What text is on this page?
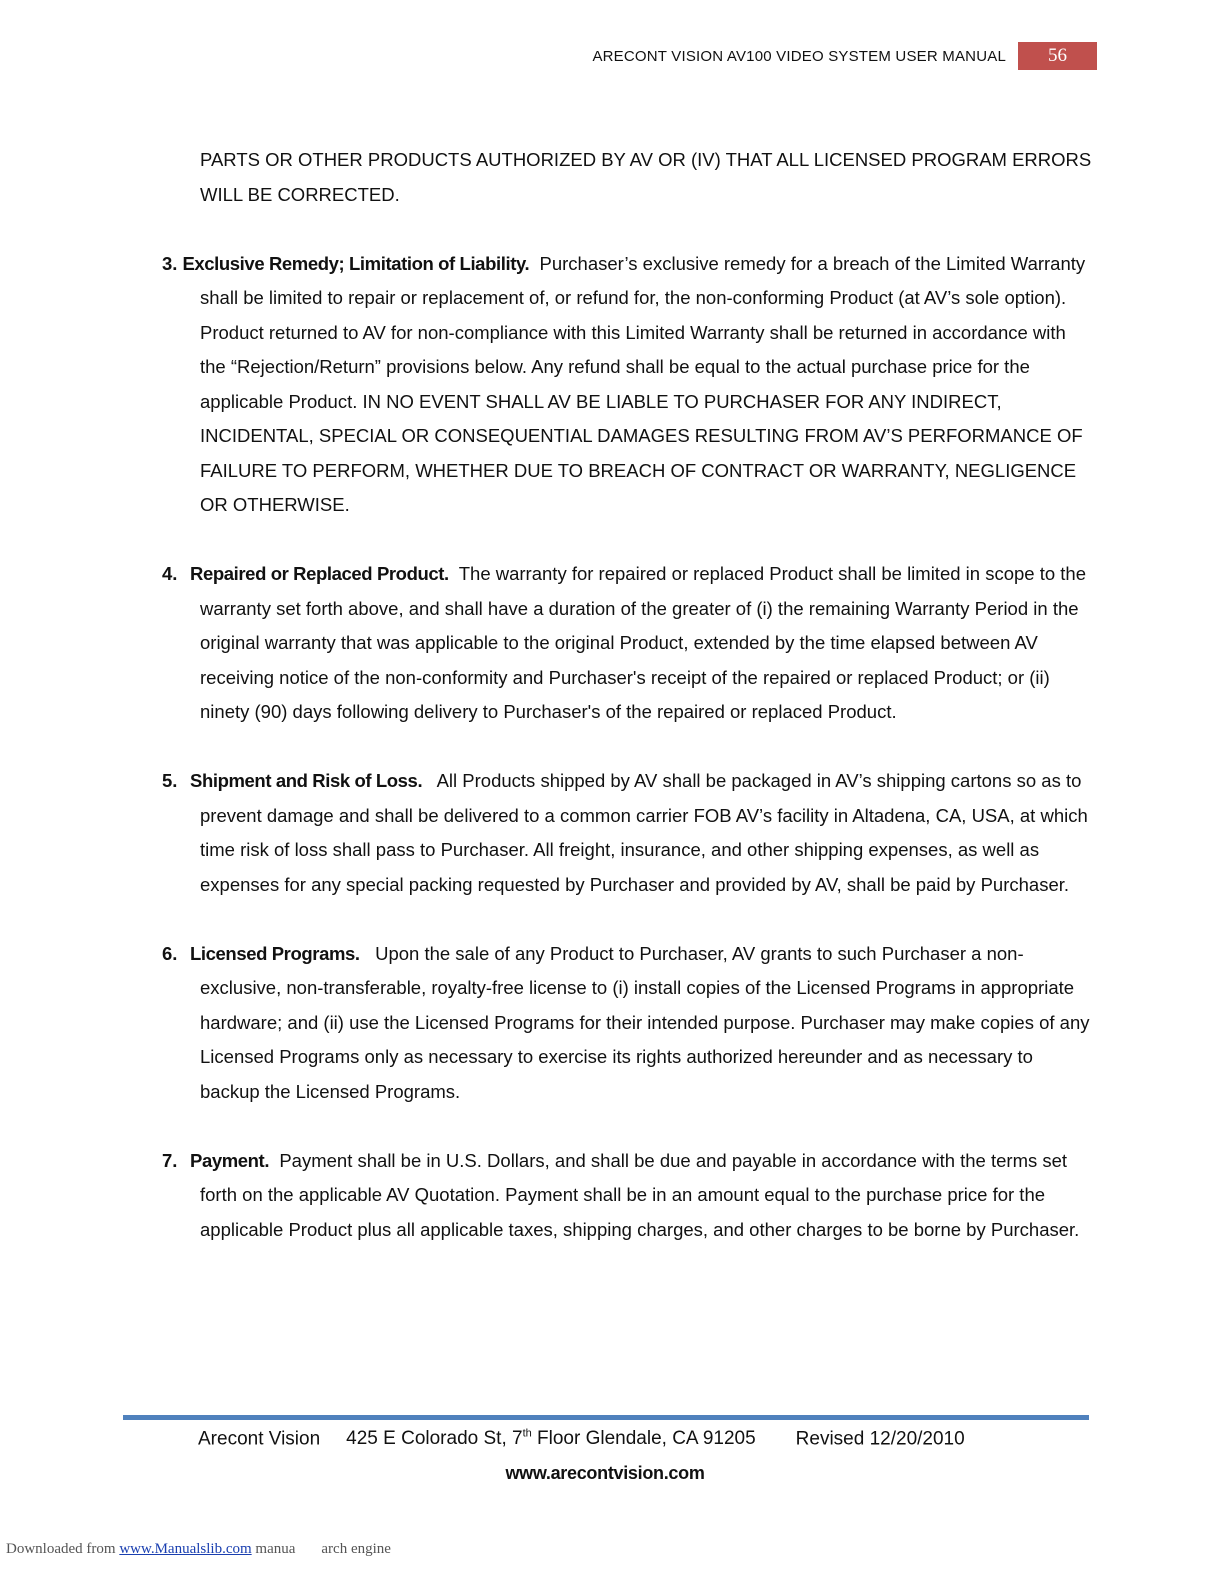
ARECONT VISION AV100 VIDEO SYSTEM USER MANUAL	56

PARTS OR OTHER PRODUCTS AUTHORIZED BY AV OR (IV) THAT ALL LICENSED PROGRAM ERRORS WILL BE CORRECTED.

3. Exclusive Remedy; Limitation of Liability. Purchaser’s exclusive remedy for a breach of the Limited Warranty shall be limited to repair or replacement of, or refund for, the non-conforming Product (at AV’s sole option). Product returned to AV for non-compliance with this Limited Warranty shall be returned in accordance with the “Rejection/Return” provisions below. Any refund shall be equal to the actual purchase price for the applicable Product. IN NO EVENT SHALL AV BE LIABLE TO PURCHASER FOR ANY INDIRECT, INCIDENTAL, SPECIAL OR CONSEQUENTIAL DAMAGES RESULTING FROM AV’S PERFORMANCE OF FAILURE TO PERFORM, WHETHER DUE TO BREACH OF CONTRACT OR WARRANTY, NEGLIGENCE OR OTHERWISE.

4. Repaired or Replaced Product. The warranty for repaired or replaced Product shall be limited in scope to the warranty set forth above, and shall have a duration of the greater of (i) the remaining Warranty Period in the original warranty that was applicable to the original Product, extended by the time elapsed between AV receiving notice of the non-conformity and Purchaser's receipt of the repaired or replaced Product; or (ii) ninety (90) days following delivery to Purchaser's of the repaired or replaced Product.

5. Shipment and Risk of Loss. All Products shipped by AV shall be packaged in AV’s shipping cartons so as to prevent damage and shall be delivered to a common carrier FOB AV’s facility in Altadena, CA, USA, at which time risk of loss shall pass to Purchaser. All freight, insurance, and other shipping expenses, as well as expenses for any special packing requested by Purchaser and provided by AV, shall be paid by Purchaser.

6. Licensed Programs. Upon the sale of any Product to Purchaser, AV grants to such Purchaser a non-exclusive, non-transferable, royalty-free license to (i) install copies of the Licensed Programs in appropriate hardware; and (ii) use the Licensed Programs for their intended purpose. Purchaser may make copies of any Licensed Programs only as necessary to exercise its rights authorized hereunder and as necessary to backup the Licensed Programs.

7. Payment. Payment shall be in U.S. Dollars, and shall be due and payable in accordance with the terms set forth on the applicable AV Quotation. Payment shall be in an amount equal to the purchase price for the applicable Product plus all applicable taxes, shipping charges, and other charges to be borne by Purchaser.

Arecont Vision 425 E Colorado St, 7th Floor Glendale, CA 91205 Revised 12/20/2010
www.arecontvision.com
Downloaded from www.Manualslib.com manua arch engine
